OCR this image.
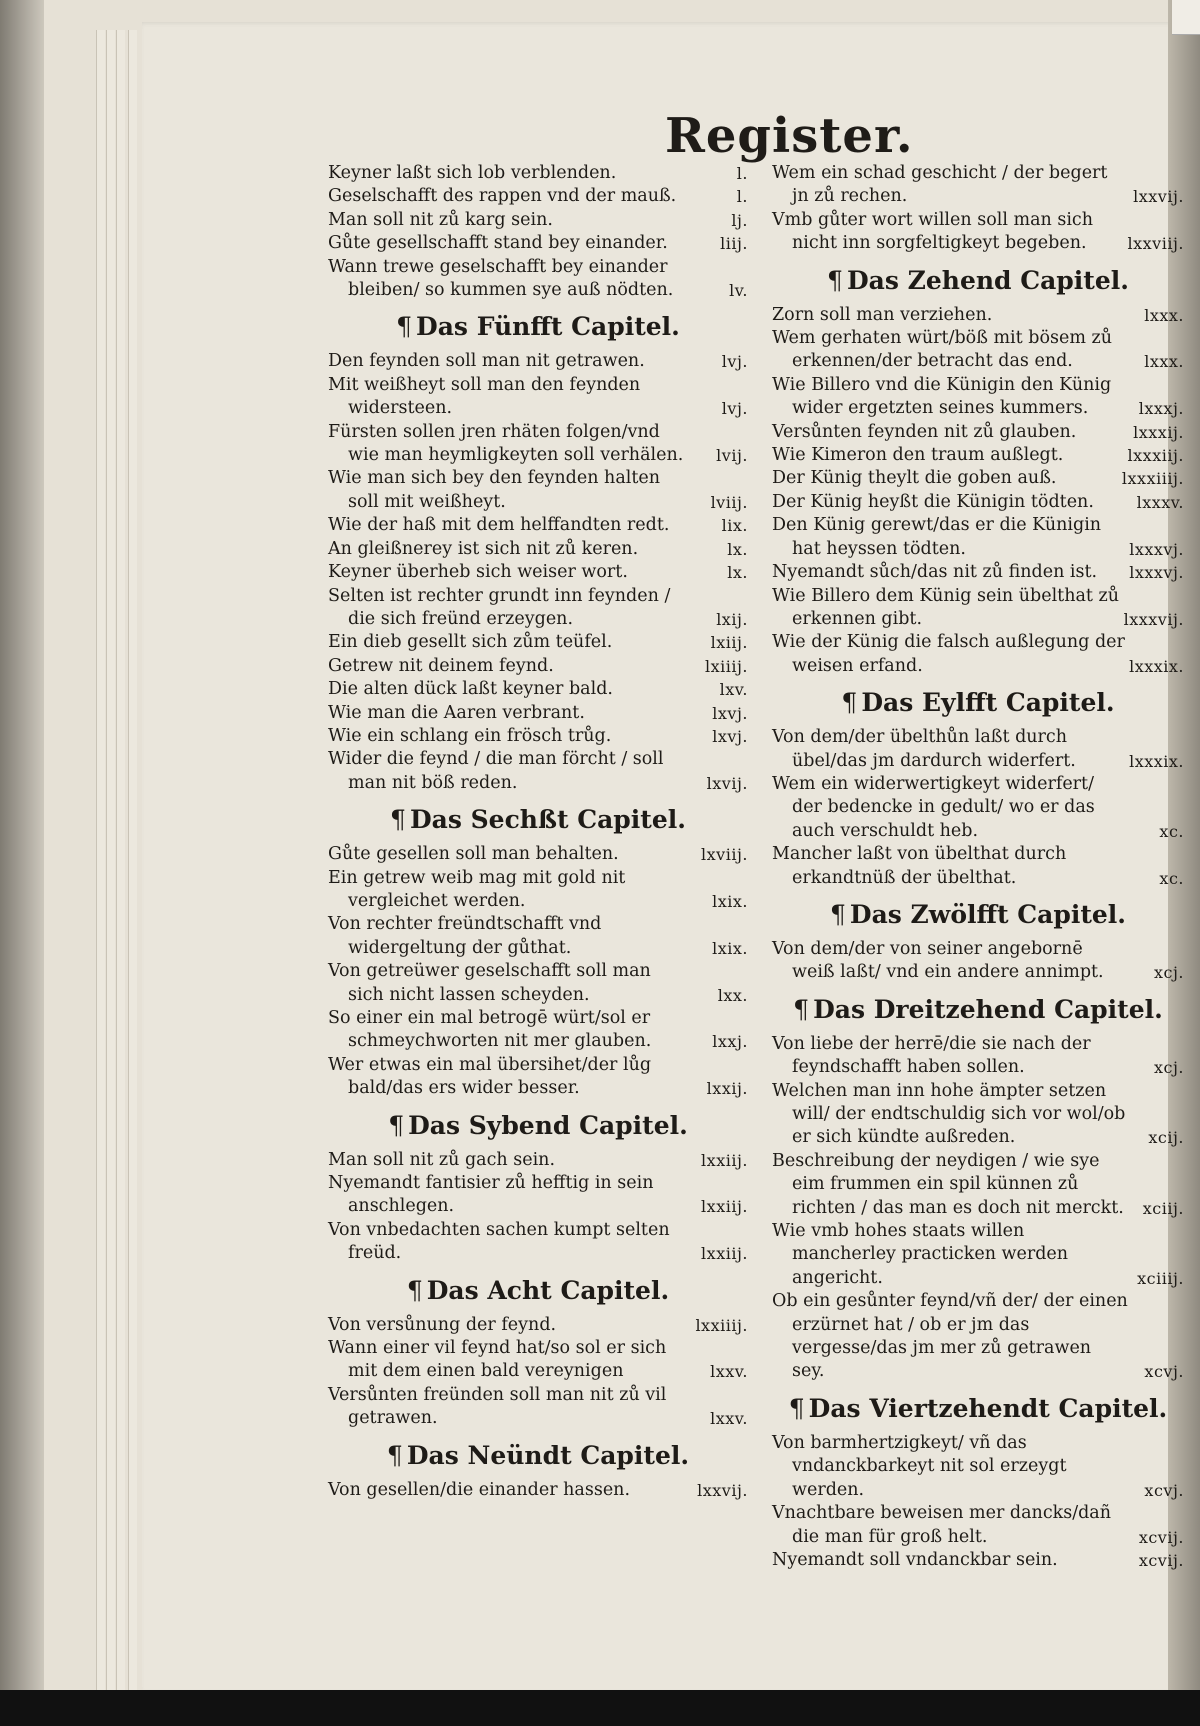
Register.
Keyner laßt sich lob verblenden.	l.
Geselschafft des rappen vnd der mauß.	l.
Man soll nit zů karg sein.	lj.
Gůte gesellschafft stand bey einander.	liij.
Wann trewe geselschafft bey einander bleiben/ so kummen sye auß nödten.	lv.
¶ Das Fünfft Capitel.
Den feynden soll man nit getrawen.	lvj.
Mit weißheyt soll man den feynden widersteen.	lvj.
Fürsten sollen jren rhäten folgen/vnd wie man heymligkeyten soll verhälen. lvij.
Wie man sich bey den feynden halten soll mit weißheyt.	lviij.
Wie der haß mit dem helffandten redt.	lix.
An gleißnerey ist sich nit zů keren.	lx.
Keyner überheb sich weiser wort.	lx.
Selten ist rechter grundt inn feynden / die sich freünd erzeygen.	lxij.
Ein dieb gesellt sich zům teüfel.	lxiij.
Getrew nit deinem feynd.	lxiiij.
Die alten dück laßt keyner bald.	lxv.
Wie man die Aaren verbrant.	lxvj.
Wie ein schlang ein frösch trůg.	lxvj.
Wider die feynd / die man förcht / soll man nit böß reden.	lxvij.
¶ Das Sechßt Capitel.
Gůte gesellen soll man behalten.	lxviij.
Ein getrew weib mag mit gold nit vergleichet werden.	lxix.
Von rechter freündtschafft vnd widergeltung der gůthat.	lxix.
Von getreüwer geselschafft soll man sich nicht lassen scheyden.	lxx.
So einer ein mal betrogē würt/sol er schmeychworten nit mer glauben.	lxxj.
Wer etwas ein mal übersihet/der lůg bald/das ers wider besser.	lxxij.
¶ Das Sybend Capitel.
Man soll nit zů gach sein.	lxxiij.
Nyemandt fantisier zů hefftig in sein anschlegen.	lxxiij.
Von vnbedachten sachen kumpt selten freüd.	lxxiij.
¶ Das Acht Capitel.
Von versůnung der feynd.	lxxiiij.
Wann einer vil feynd hat/so sol er sich mit dem einen bald vereynigen	lxxv.
Versůnten freünden soll man nit zů vil getrawen.	lxxv.
¶ Das Neündt Capitel.
Von gesellen/die einander hassen.	lxxvij.
Wem ein schad geschicht / der begert jn zů rechen.	lxxvij.
Vmb gůter wort willen soll man sich nicht inn sorgfeltigkeyt begeben.	lxxviij.
¶ Das Zehend Capitel.
Zorn soll man verziehen.	lxxx.
Wem gerhaten würt/böß mit bösem zů erkennen/der betracht das end.	lxxx.
Wie Billero vnd die Künigin den Künig wider ergetzten seines kummers.	lxxxj.
Versůnten feynden nit zů glauben.	lxxxij.
Wie Kimeron den traum außlegt.	lxxxiij.
Der Künig theylt die goben auß.	lxxxiiij.
Der Künig heyßt die Künigin tödten.	lxxxv.
Den Künig gerewt/das er die Künigin hat heyssen tödten.	lxxxvj.
Nyemandt sůch/das nit zů finden ist. lxxxvj.
Wie Billero dem Künig sein übelthat zů erkennen gibt.	lxxxvij.
Wie der Künig die falsch außlegung der weisen erfand.	lxxxix.
¶ Das Eylfft Capitel.
Von dem/der übelthůn laßt durch übel/das jm dardurch widerfert.	lxxxix.
Wem ein widerwertigkeyt widerfert/ der bedencke in gedult/ wo er das auch verschuldt heb.	xc.
Mancher laßt von übelthat durch erkandtnüß der übelthat.	xc.
¶ Das Zwölfft Capitel.
Von dem/der von seiner angebornē weiß laßt/ vnd ein andere annimpt.	xcj.
¶ Das Dreitzehend Capitel.
Von liebe der herrē/die sie nach der feyndschafft haben sollen.	xcj.
Welchen man inn hohe ämpter setzen will/ der endtschuldig sich vor wol/ob er sich kündte außreden.	xcij.
Beschreibung der neydigen / wie sye eim frummen ein spil künnen zů richten / das man es doch nit merckt. xciij.
Wie vmb hohes staats willen mancherley practicken werden angericht.	xciiij.
Ob ein gesůnter feynd/vñ der/ der einen erzürnet hat / ob er jm das vergesse/das jm mer zů getrawen sey.	xcvj.
¶ Das Viertzehendt Capitel.
Von barmhertzigkeyt/ vñ das vndanckbarkeyt nit sol erzeygt werden.	xcvj.
Vnachtbare beweisen mer dancks/dañ die man für groß helt.	xcvij.
Nyemandt soll vndanckbar sein.	xcvij.
